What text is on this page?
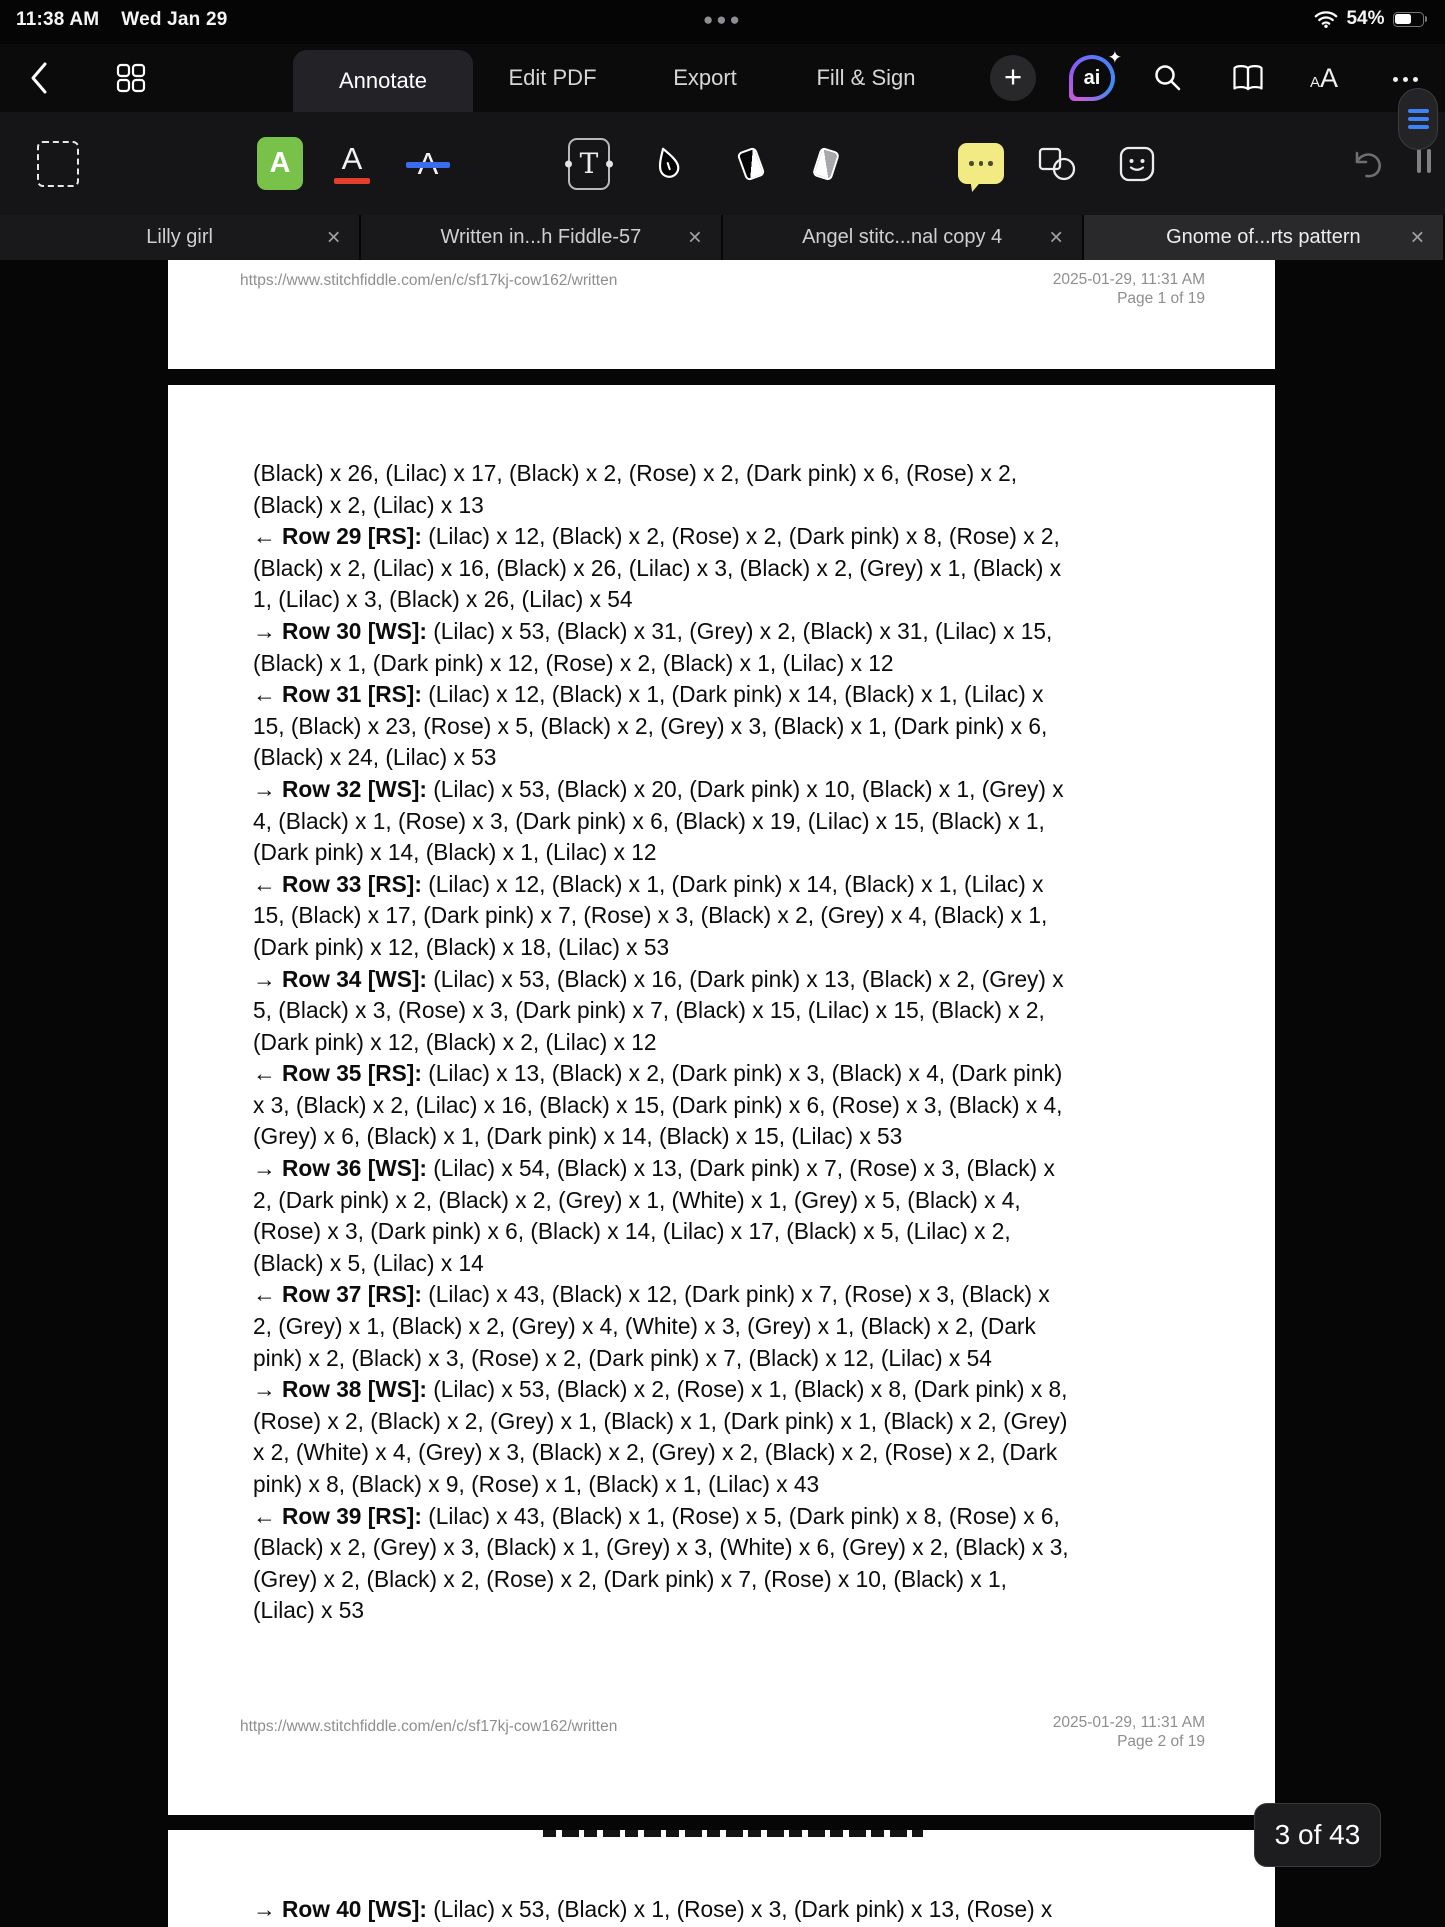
11:38 AM Wed Jan 29	●●●	54%
Annotate	Edit PDF	Export	Fill & Sign	+	ai
✦
A A
A	A	T
Lilly girl	✕	Written in...h Fiddle-57	✕	Angel stitc...nal copy 4	✕	Gnome of...rts pattern	✕
https://www.stitchfiddle.com/en/c/sf17kj-cow162/written	2025-01-29, 11:31 AM
Page 1 of 19
(Black) x 26, (Lilac) x 17, (Black) x 2, (Rose) x 2, (Dark pink) x 6, (Rose) x 2,
(Black) x 2, (Lilac) x 13
← Row 29 [RS]: (Lilac) x 12, (Black) x 2, (Rose) x 2, (Dark pink) x 8, (Rose) x 2,
(Black) x 2, (Lilac) x 16, (Black) x 26, (Lilac) x 3, (Black) x 2, (Grey) x 1, (Black) x
1, (Lilac) x 3, (Black) x 26, (Lilac) x 54
→ Row 30 [WS]: (Lilac) x 53, (Black) x 31, (Grey) x 2, (Black) x 31, (Lilac) x 15,
(Black) x 1, (Dark pink) x 12, (Rose) x 2, (Black) x 1, (Lilac) x 12
← Row 31 [RS]: (Lilac) x 12, (Black) x 1, (Dark pink) x 14, (Black) x 1, (Lilac) x
15, (Black) x 23, (Rose) x 5, (Black) x 2, (Grey) x 3, (Black) x 1, (Dark pink) x 6,
(Black) x 24, (Lilac) x 53
→ Row 32 [WS]: (Lilac) x 53, (Black) x 20, (Dark pink) x 10, (Black) x 1, (Grey) x
4, (Black) x 1, (Rose) x 3, (Dark pink) x 6, (Black) x 19, (Lilac) x 15, (Black) x 1,
(Dark pink) x 14, (Black) x 1, (Lilac) x 12
← Row 33 [RS]: (Lilac) x 12, (Black) x 1, (Dark pink) x 14, (Black) x 1, (Lilac) x
15, (Black) x 17, (Dark pink) x 7, (Rose) x 3, (Black) x 2, (Grey) x 4, (Black) x 1,
(Dark pink) x 12, (Black) x 18, (Lilac) x 53
→ Row 34 [WS]: (Lilac) x 53, (Black) x 16, (Dark pink) x 13, (Black) x 2, (Grey) x
5, (Black) x 3, (Rose) x 3, (Dark pink) x 7, (Black) x 15, (Lilac) x 15, (Black) x 2,
(Dark pink) x 12, (Black) x 2, (Lilac) x 12
← Row 35 [RS]: (Lilac) x 13, (Black) x 2, (Dark pink) x 3, (Black) x 4, (Dark pink)
x 3, (Black) x 2, (Lilac) x 16, (Black) x 15, (Dark pink) x 6, (Rose) x 3, (Black) x 4,
(Grey) x 6, (Black) x 1, (Dark pink) x 14, (Black) x 15, (Lilac) x 53
→ Row 36 [WS]: (Lilac) x 54, (Black) x 13, (Dark pink) x 7, (Rose) x 3, (Black) x
2, (Dark pink) x 2, (Black) x 2, (Grey) x 1, (White) x 1, (Grey) x 5, (Black) x 4,
(Rose) x 3, (Dark pink) x 6, (Black) x 14, (Lilac) x 17, (Black) x 5, (Lilac) x 2,
(Black) x 5, (Lilac) x 14
← Row 37 [RS]: (Lilac) x 43, (Black) x 12, (Dark pink) x 7, (Rose) x 3, (Black) x
2, (Grey) x 1, (Black) x 2, (Grey) x 4, (White) x 3, (Grey) x 1, (Black) x 2, (Dark
pink) x 2, (Black) x 3, (Rose) x 2, (Dark pink) x 7, (Black) x 12, (Lilac) x 54
→ Row 38 [WS]: (Lilac) x 53, (Black) x 2, (Rose) x 1, (Black) x 8, (Dark pink) x 8,
(Rose) x 2, (Black) x 2, (Grey) x 1, (Black) x 1, (Dark pink) x 1, (Black) x 2, (Grey)
x 2, (White) x 4, (Grey) x 3, (Black) x 2, (Grey) x 2, (Black) x 2, (Rose) x 2, (Dark
pink) x 8, (Black) x 9, (Rose) x 1, (Black) x 1, (Lilac) x 43
← Row 39 [RS]: (Lilac) x 43, (Black) x 1, (Rose) x 5, (Dark pink) x 8, (Rose) x 6,
(Black) x 2, (Grey) x 3, (Black) x 1, (Grey) x 3, (White) x 6, (Grey) x 2, (Black) x 3,
(Grey) x 2, (Black) x 2, (Rose) x 2, (Dark pink) x 7, (Rose) x 10, (Black) x 1,
(Lilac) x 53
https://www.stitchfiddle.com/en/c/sf17kj-cow162/written	2025-01-29, 11:31 AM
Page 2 of 19
→ Row 40 [WS]: (Lilac) x 53, (Black) x 1, (Rose) x 3, (Dark pink) x 13, (Rose) x
3 of 43
